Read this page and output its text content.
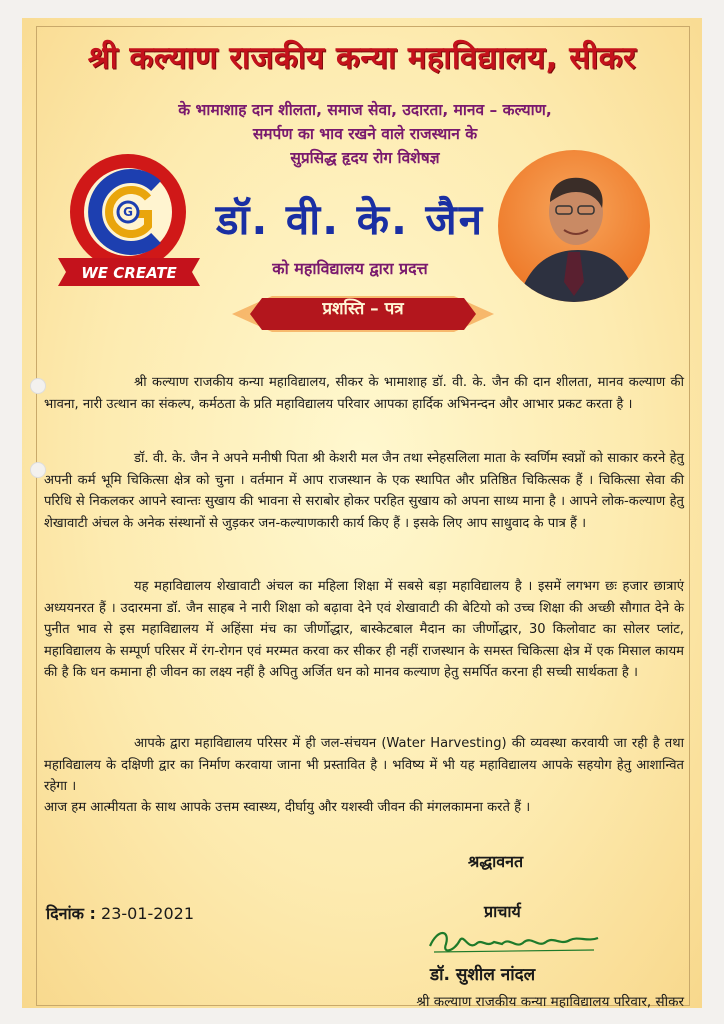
श्री कल्याण राजकीय कन्या महाविद्यालय, सीकर
के भामाशाह दान शीलता, समाज सेवा, उदारता, मानव – कल्याण,
समर्पण का भाव रखने वाले राजस्थान के
सुप्रसिद्ध हृदय रोग विशेषज्ञ
G
WE CREATE
डॉ. वी. के. जैन
को महाविद्यालय द्वारा प्रदत्त
प्रशस्ति – पत्र
श्री कल्याण राजकीय कन्या महाविद्यालय, सीकर के भामाशाह डॉ. वी. के. जैन की दान शीलता, मानव कल्याण की भावना, नारी उत्थान का संकल्प, कर्मठता के प्रति महाविद्यालय परिवार आपका हार्दिक अभिनन्दन और आभार प्रकट करता है ।
डॉ. वी. के. जैन ने अपने मनीषी पिता श्री केशरी मल जैन तथा स्नेहसलिला माता के स्वर्णिम स्वप्नों को साकार करने हेतु अपनी कर्म भूमि चिकित्सा क्षेत्र को चुना । वर्तमान में आप राजस्थान के एक स्थापित और प्रतिष्ठित चिकित्सक हैं । चिकित्सा सेवा की परिधि से निकलकर आपने स्वान्तः सुखाय की भावना से सराबोर होकर परहित सुखाय को अपना साध्य माना है । आपने लोक-कल्याण हेतु शेखावाटी अंचल के अनेक संस्थानों से जुड़कर जन-कल्याणकारी कार्य किए हैं । इसके लिए आप साधुवाद के पात्र हैं ।
यह महाविद्यालय शेखावाटी अंचल का महिला शिक्षा में सबसे बड़ा महाविद्यालय है । इसमें लगभग छः हजार छात्राएं अध्ययनरत हैं । उदारमना डॉ. जैन साहब ने नारी शिक्षा को बढ़ावा देने एवं शेखावाटी की बेटियो को उच्च शिक्षा की अच्छी सौगात देने के पुनीत भाव से इस महाविद्यालय में अहिंसा मंच का जीर्णोद्धार, बास्केटबाल मैदान का जीर्णोद्धार, 30 किलोवाट का सोलर प्लांट, महाविद्यालय के सम्पूर्ण परिसर में रंग-रोगन एवं मरम्मत करवा कर सीकर ही नहीं राजस्थान के समस्त चिकित्सा क्षेत्र में एक मिसाल कायम की है कि धन कमाना ही जीवन का लक्ष्य नहीं है अपितु अर्जित धन को मानव कल्याण हेतु समर्पित करना ही सच्ची सार्थकता है ।
आपके द्वारा महाविद्यालय परिसर में ही जल-संचयन (Water Harvesting) की व्यवस्था करवायी जा रही है तथा महाविद्यालय के दक्षिणी द्वार का निर्माण करवाया जाना भी प्रस्तावित है । भविष्य में भी यह महाविद्यालय आपके सहयोग हेतु आशान्वित रहेगा ।
आज हम आत्मीयता के साथ आपके उत्तम स्वास्थ्य, दीर्घायु और यशस्वी जीवन की मंगलकामना करते हैं ।
श्रद्धावनत
दिनांक : 23-01-2021	प्राचार्य
डॉ. सुशील नांदल
श्री कल्याण राजकीय कन्या महाविद्यालय परिवार, सीकर
